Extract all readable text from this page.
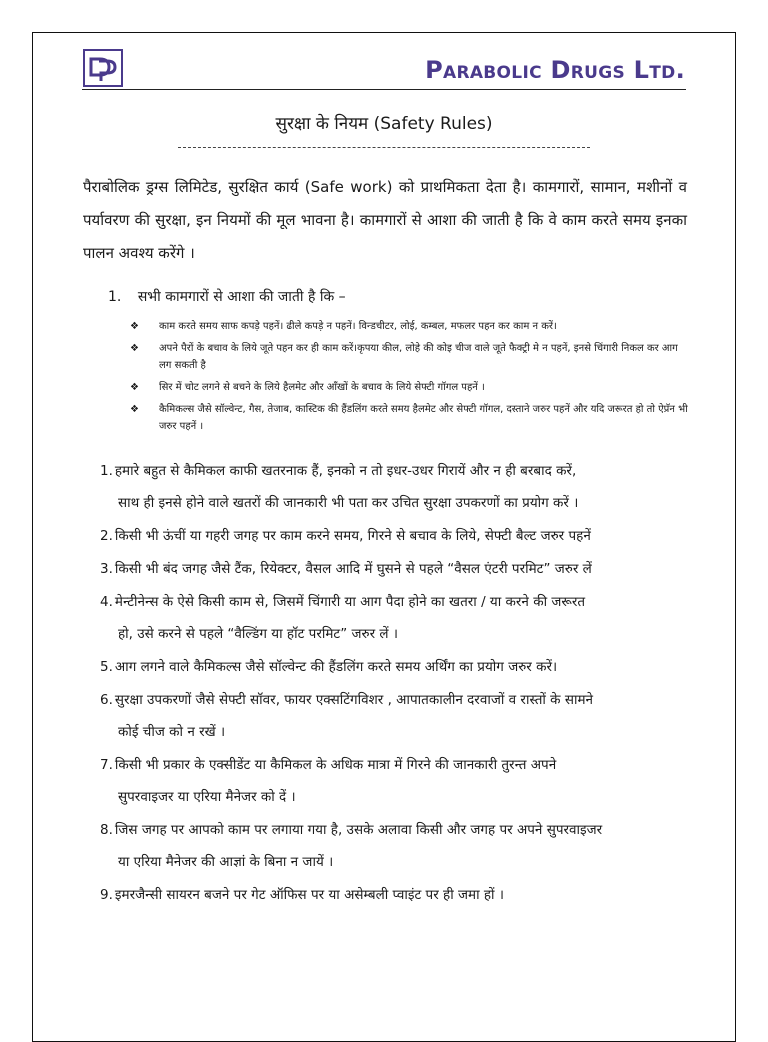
Parabolic Drugs Ltd.
सुरक्षा के नियम (Safety Rules)
पैराबोलिक ड्रग्स लिमिटेड, सुरक्षित कार्य (Safe work) को प्राथमिकता देता है। कामगारों, सामान, मशीनों व पर्यावरण की सुरक्षा, इन नियमों की मूल भावना है। कामगारों से आशा की जाती है कि वे काम करते समय इनका पालन अवश्य करेंगे ।
1. सभी कामगारों से आशा की जाती है कि –
❖ काम करते समय साफ कपड़े पहनें। ढीले कपड़े न पहनें। विन्डचीटर, लोई, कम्बल, मफलर पहन कर काम न करें।
❖ अपने पैरों के बचाव के लिये जूते पहन कर ही काम करें।कृपया कील, लोहे की कोइ चीज वाले जूते फैक्ट्री मे न पहनें, इनसे चिंगारी निकल कर आग लग सकती है
❖ सिर में चोट लगने से बचने के लिये हैलमेट और आँखों के बचाव के लिये सेफ्टी गॉगल पहनें ।
❖ कैमिकल्स जैसे सॉल्वेन्ट, गैस, तेजाब, कास्टिक की हैंडलिंग करते समय हैलमेट और सेफ्टी गॉगल, दस्ताने जरुर पहनें और यदि जरूरत हो तो ऐप्रॅन भी जरुर पहनें ।
1. हमारे बहुत से कैमिकल काफी खतरनाक हैं, इनको न तो इधर-उधर गिरायें और न ही बरबाद करें,
साथ ही इनसे होने वाले खतरों की जानकारी भी पता कर उचित सुरक्षा उपकरणों का प्रयोग करें ।
2. किसी भी ऊंचीं या गहरी जगह पर काम करने समय, गिरने से बचाव के लिये, सेफ्टी बैल्ट जरुर पहनें
3. किसी भी बंद जगह जैसे टैंक, रियेक्टर, वैसल आदि में घुसने से पहले “वैसल एंटरी परमिट” जरुर लें
4. मेन्टीनेन्स के ऐसे किसी काम से, जिसमें चिंगारी या आग पैदा होने का खतरा / या करने की जरूरत
हो, उसे करने से पहले “वैल्डिंग या हॉट परमिट” जरुर लें ।
5. आग लगने वाले कैमिकल्स जैसे सॉल्वेन्ट की हैंडलिंग करते समय अर्थिंग का प्रयोग जरुर करें।
6. सुरक्षा उपकरणों जैसे सेफ्टी सॉवर, फायर एक्सटिंगविशर , आपातकालीन दरवाजों व रास्तों के सामने
कोई चीज को न रखें ।
7. किसी भी प्रकार के एक्सीडेंट या कैमिकल के अधिक मात्रा में गिरने की जानकारी तुरन्त अपने
सुपरवाइजर या एरिया मैनेजर को दें ।
8. जिस जगह पर आपको काम पर लगाया गया है, उसके अलावा किसी और जगह पर अपने सुपरवाइजर
या एरिया मैनेजर की आज्ञां के बिना न जायें ।
9. इमरजैन्सी सायरन बजने पर गेट ऑफिस पर या असेम्बली प्वाइंट पर ही जमा हों ।
